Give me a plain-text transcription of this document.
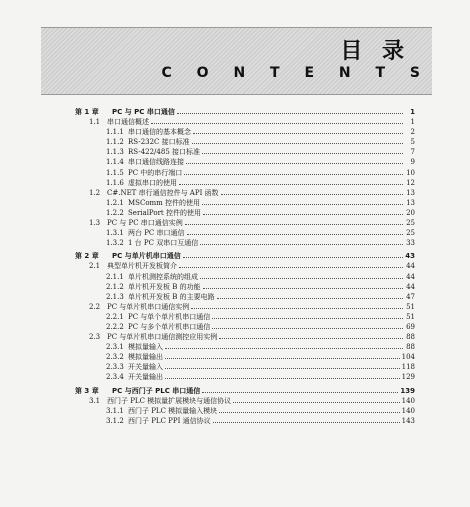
目 录
C O N T E N T S
第 1 章	PC 与 PC 串口通信	1
1.1 串口通信概述	1
1.1.1 串口通信的基本概念	2
1.1.2 RS-232C 接口标准	5
1.1.3 RS-422/485 接口标准	7
1.1.4 串口通信线路连接	9
1.1.5 PC 中的串行端口	10
1.1.6 虚拟串口的使用	12
1.2 C#.NET 串行通信控件与 API 函数	13
1.2.1 MSComm 控件的使用	13
1.2.2 SerialPort 控件的使用	20
1.3 PC 与 PC 串口通信实例	25
1.3.1 两台 PC 串口通信	25
1.3.2 1 台 PC 双串口互通信	33
第 2 章	PC 与单片机串口通信	43
2.1 典型单片机开发板简介	44
2.1.1 单片机测控系统的组成	44
2.1.2 单片机开发板 B 的功能	44
2.1.3 单片机开发板 B 的主要电路	47
2.2 PC 与单片机串口通信实例	51
2.2.1 PC 与单个单片机串口通信	51
2.2.2 PC 与多个单片机串口通信	69
2.3 PC 与单片机串口通信测控应用实例	88
2.3.1 模拟量输入	88
2.3.2 模拟量输出	104
2.3.3 开关量输入	118
2.3.4 开关量输出	129
第 3 章	PC 与西门子 PLC 串口通信	139
3.1 西门子 PLC 模拟量扩展模块与通信协议	140
3.1.1 西门子 PLC 模拟量输入模块	140
3.1.2 西门子 PLC PPI 通信协议	143
